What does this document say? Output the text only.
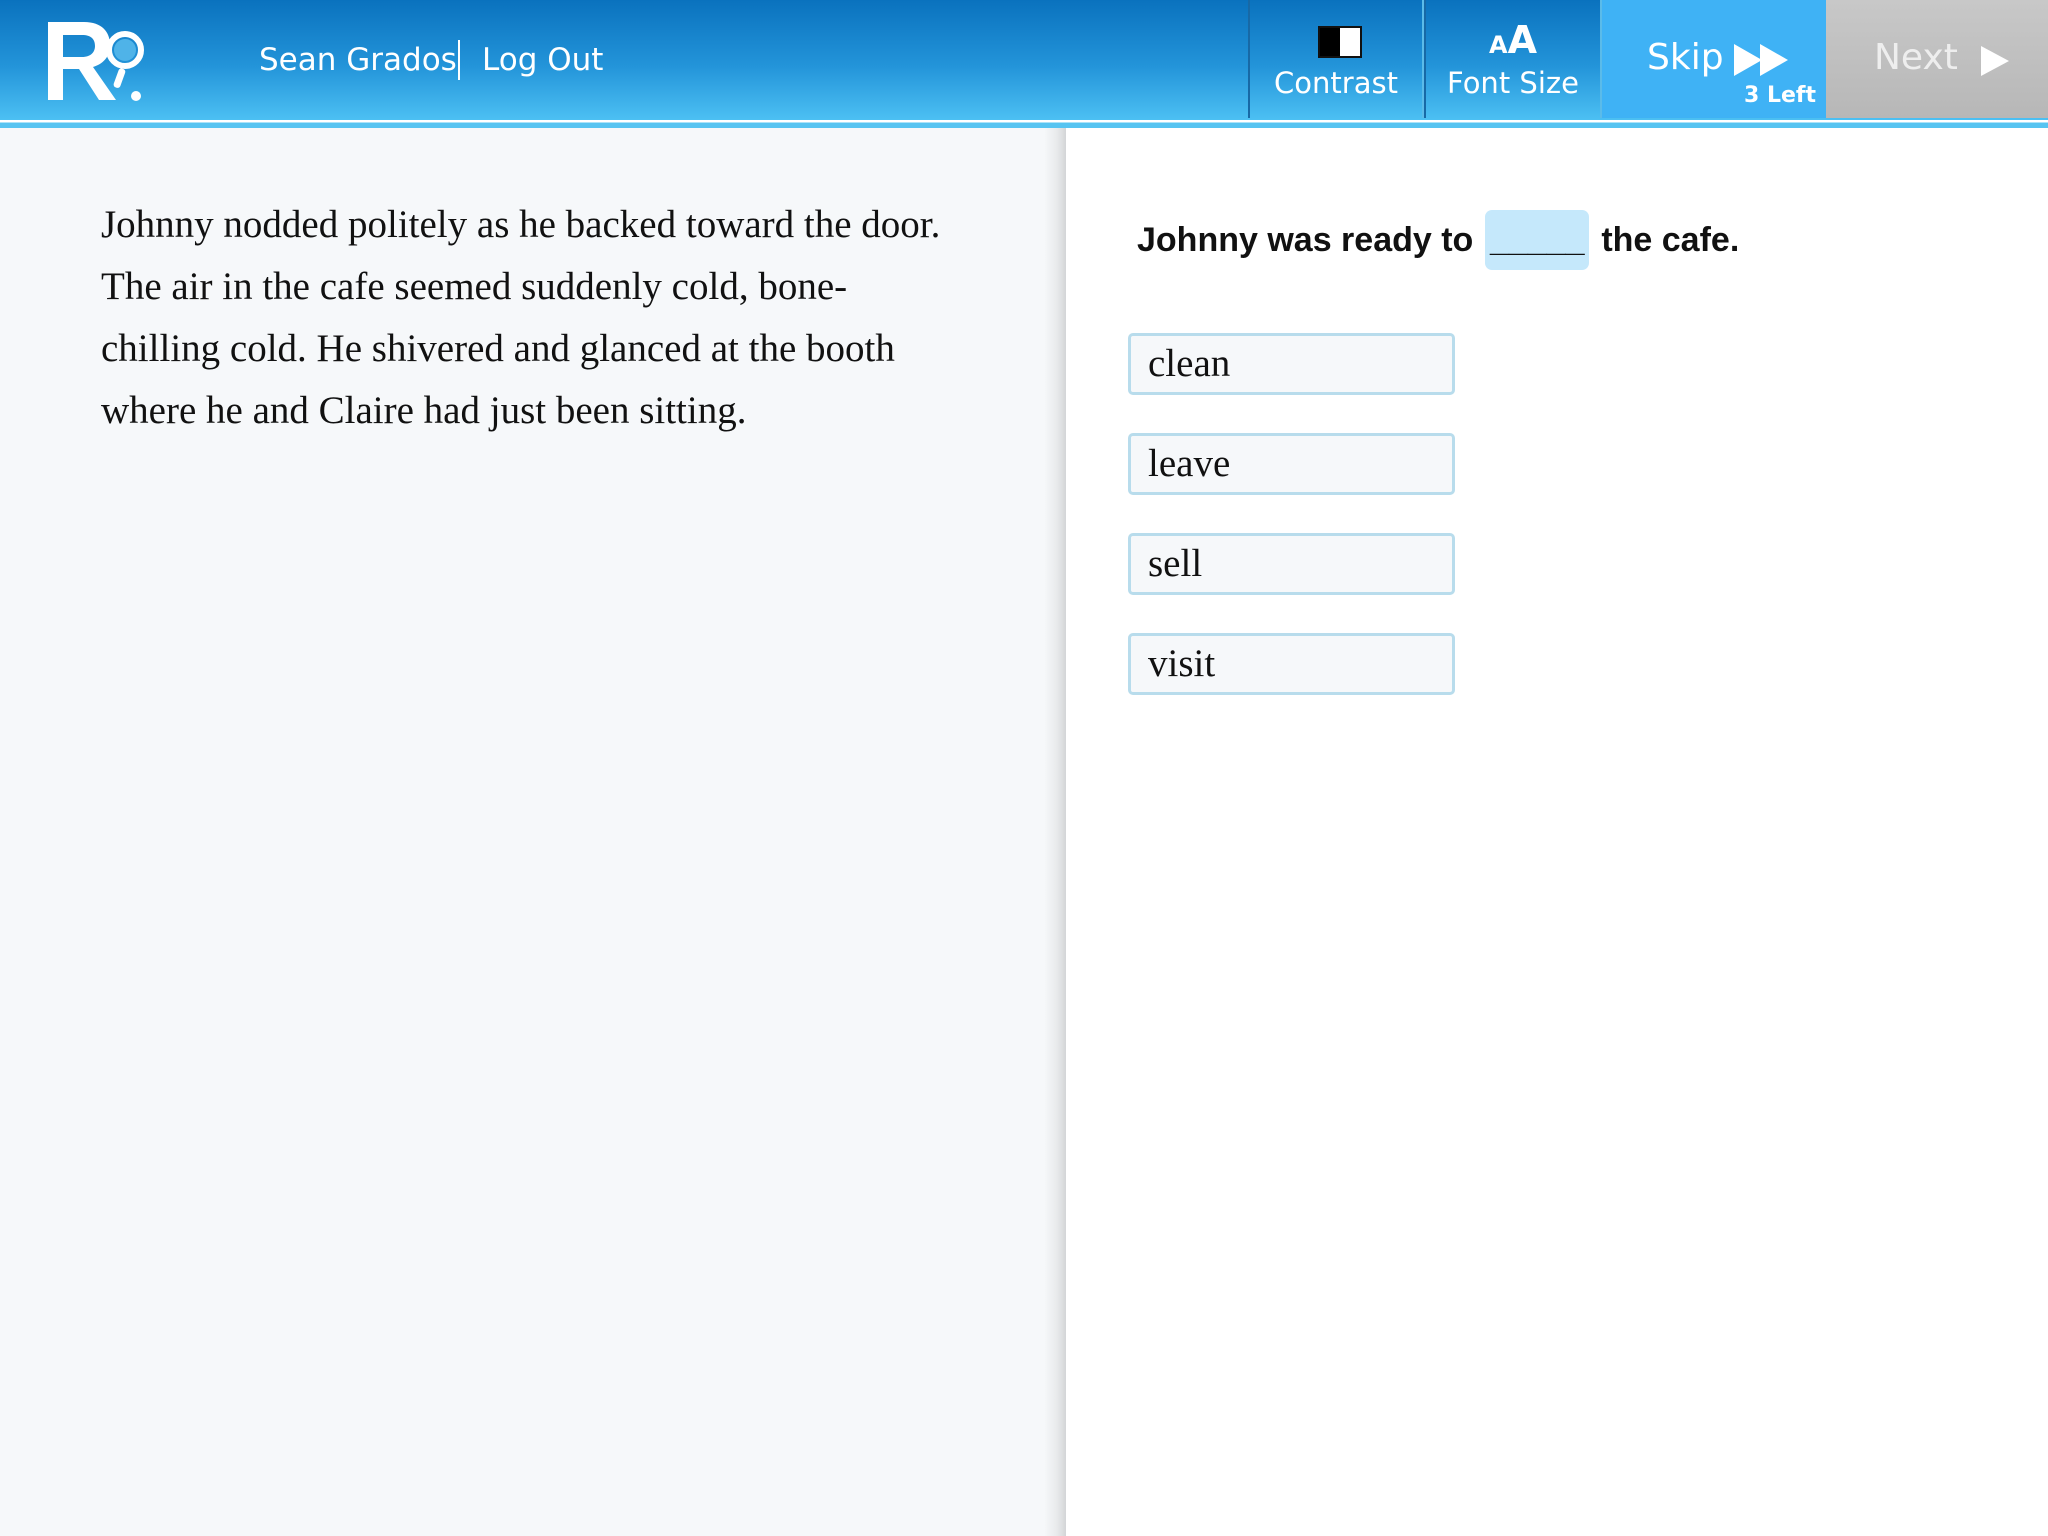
Sean Grados Log Out
Contrast
AA
Font Size
Skip
3 Left
Next
Johnny nodded politely as he backed toward the door. The air in the cafe seemed suddenly cold, bone-chilling cold. He shivered and glanced at the booth where he and Claire had just been sitting.
Johnny was ready to _____ the cafe.
clean
leave
sell
visit
